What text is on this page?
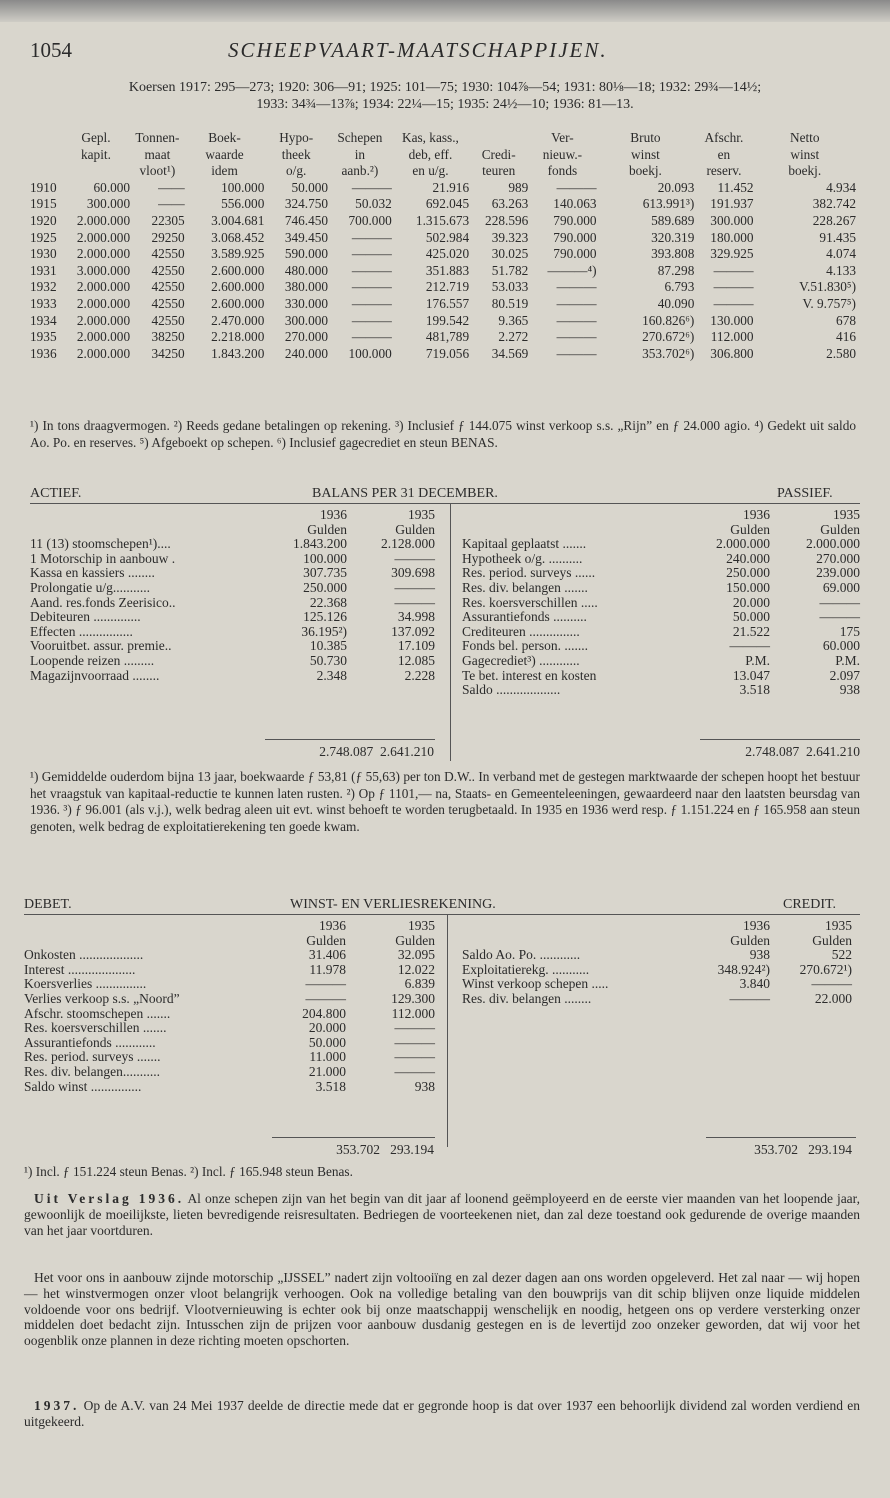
1054	SCHEEPVAART-MAATSCHAPPIJEN.
Koersen 1917: 295—273; 1920: 306—91; 1925: 101—75; 1930: 104⅞—54; 1931: 80⅛—18; 1932: 29¾—14½;
1933: 34¾—13⅞; 1934: 22¼—15; 1935: 24½—10; 1936: 81—13.
	Gepl.	Tonnen-	Boek-	Hypo-	Schepen	Kas, kass.,		Ver-	Bruto	Afschr.	Netto
	kapit.	maat	waarde	theek	in	deb, eff.	Credi-	nieuw.-	winst	en	winst
		vloot¹)	idem	o/g.	aanb.²)	en u/g.	teuren	fonds	boekj.	reserv.	boekj.
1910	60.000	——	100.000	50.000	———	21.916	989	———	20.093	11.452	4.934
1915	300.000	——	556.000	324.750	50.032	692.045	63.263	140.063	613.991³)	191.937	382.742
1920	2.000.000	22305	3.004.681	746.450	700.000	1.315.673	228.596	790.000	589.689	300.000	228.267
1925	2.000.000	29250	3.068.452	349.450	———	502.984	39.323	790.000	320.319	180.000	91.435
1930	2.000.000	42550	3.589.925	590.000	———	425.020	30.025	790.000	393.808	329.925	4.074
1931	3.000.000	42550	2.600.000	480.000	———	351.883	51.782	———⁴)	87.298	———	4.133
1932	2.000.000	42550	2.600.000	380.000	———	212.719	53.033	———	6.793	———	V.51.830⁵)
1933	2.000.000	42550	2.600.000	330.000	———	176.557	80.519	———	40.090	———	V. 9.757⁵)
1934	2.000.000	42550	2.470.000	300.000	———	199.542	9.365	———	160.826⁶)	130.000	678
1935	2.000.000	38250	2.218.000	270.000	———	481,789	2.272	———	270.672⁶)	112.000	416
1936	2.000.000	34250	1.843.200	240.000	100.000	719.056	34.569	———	353.702⁶)	306.800	2.580
¹) In tons draagvermogen. ²) Reeds gedane betalingen op rekening. ³) Inclusief ƒ 144.075 winst verkoop s.s. „Rijn” en ƒ 24.000 agio. ⁴) Gedekt uit saldo Ao. Po. en reserves. ⁵) Afgeboekt op schepen. ⁶) Inclusief gagecrediet en steun BENAS.
ACTIEF.	BALANS PER 31 DECEMBER.	PASSIEF.
	1936	1935
	Gulden	Gulden
11 (13) stoomschepen¹)....	1.843.200	2.128.000
1 Motorschip in aanbouw .	100.000	———
Kassa en kassiers ........	307.735	309.698
Prolongatie u/g...........	250.000	———
Aand. res.fonds Zeerisico..	22.368	———
Debiteuren ..............	125.126	34.998
Effecten ................	36.195²)	137.092
Vooruitbet. assur. premie..	10.385	17.109
Loopende reizen .........	50.730	12.085
Magazijnvoorraad ........	2.348	2.228
	1936	1935
	Gulden	Gulden
Kapitaal geplaatst .......	2.000.000	2.000.000
Hypotheek o/g. ..........	240.000	270.000
Res. period. surveys ......	250.000	239.000
Res. div. belangen .......	150.000	69.000
Res. koersverschillen .....	20.000	———
Assurantiefonds ..........	50.000	———
Crediteuren ...............	21.522	175
Fonds bel. person. .......	———	60.000
Gagecrediet³) ............	P.M.	P.M.
Te bet. interest en kosten	13.047	2.097
Saldo ...................	3.518	938
2.748.087 2.641.210	2.748.087 2.641.210
¹) Gemiddelde ouderdom bijna 13 jaar, boekwaarde ƒ 53,81 (ƒ 55,63) per ton D.W.. In verband met de gestegen marktwaarde der schepen hoopt het bestuur het vraagstuk van kapitaal-reductie te kunnen laten rusten. ²) Op ƒ 1101,— na, Staats- en Gemeenteleeningen, gewaardeerd naar den laatsten beursdag van 1936. ³) ƒ 96.001 (als v.j.), welk bedrag aleen uit evt. winst behoeft te worden terugbetaald. In 1935 en 1936 werd resp. ƒ 1.151.224 en ƒ 165.958 aan steun genoten, welk bedrag de exploitatierekening ten goede kwam.
DEBET.	WINST- EN VERLIESREKENING.	CREDIT.
	1936	1935
	Gulden	Gulden
Onkosten ...................	31.406	32.095
Interest ....................	11.978	12.022
Koersverlies ...............	———	6.839
Verlies verkoop s.s. „Noord”	———	129.300
Afschr. stoomschepen .......	204.800	112.000
Res. koersverschillen .......	20.000	———
Assurantiefonds ............	50.000	———
Res. period. surveys .......	11.000	———
Res. div. belangen...........	21.000	———
Saldo winst ...............	3.518	938
	1936	1935
	Gulden	Gulden
Saldo Ao. Po. ............	938	522
Exploitatierekg. ...........	348.924²)	270.672¹)
Winst verkoop schepen .....	3.840	———
Res. div. belangen ........	———	22.000
353.702 293.194	353.702 293.194
¹) Incl. ƒ 151.224 steun Benas. ²) Incl. ƒ 165.948 steun Benas.
Uit Verslag 1936. Al onze schepen zijn van het begin van dit jaar af loonend geëmployeerd en de eerste vier maanden van het loopende jaar, gewoonlijk de moeilijkste, lieten bevredigende reisresultaten. Bedriegen de voorteekenen niet, dan zal deze toestand ook gedurende de overige maanden van het jaar voortduren.
Het voor ons in aanbouw zijnde motorschip „IJSSEL” nadert zijn voltooiïng en zal dezer dagen aan ons worden opgeleverd. Het zal naar — wij hopen — het winstvermogen onzer vloot belangrijk verhoogen. Ook na volledige betaling van den bouwprijs van dit schip blijven onze liquide middelen voldoende voor ons bedrijf. Vlootvernieuwing is echter ook bij onze maatschappij wenschelijk en noodig, hetgeen ons op verdere versterking onzer middelen doet bedacht zijn. Intusschen zijn de prijzen voor aanbouw dusdanig gestegen en is de levertijd zoo onzeker geworden, dat wij voor het oogenblik onze plannen in deze richting moeten opschorten.
1937. Op de A.V. van 24 Mei 1937 deelde de directie mede dat er gegronde hoop is dat over 1937 een behoorlijk dividend zal worden verdiend en uitgekeerd.
